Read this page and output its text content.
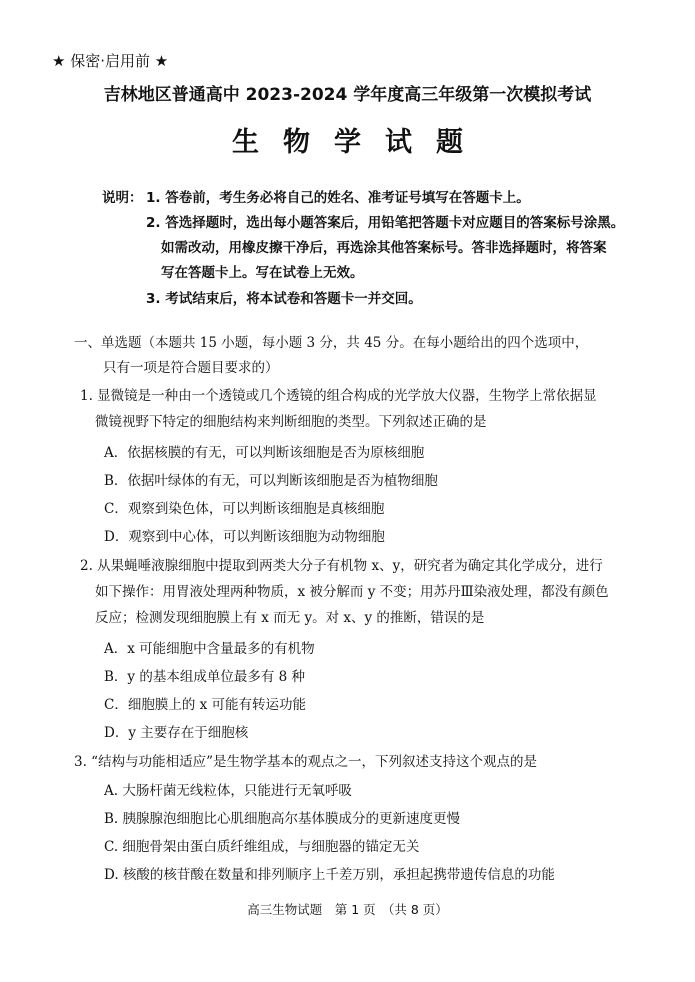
★ 保密·启用前 ★
吉林地区普通高中 2023-2024 学年度高三年级第一次模拟考试
生物学试题
说明： 1. 答卷前，考生务必将自己的姓名、准考证号填写在答题卡上。
2. 答选择题时，选出每小题答案后，用铅笔把答题卡对应题目的答案标号涂黑。
如需改动，用橡皮擦干净后，再选涂其他答案标号。答非选择题时，将答案
写在答题卡上。写在试卷上无效。
3. 考试结束后，将本试卷和答题卡一并交回。
一、单选题（本题共 15 小题，每小题 3 分，共 45 分。在每小题给出的四个选项中，
只有一项是符合题目要求的）
1. 显微镜是一种由一个透镜或几个透镜的组合构成的光学放大仪器，生物学上常依据显
微镜视野下特定的细胞结构来判断细胞的类型。下列叙述正确的是
A．依据核膜的有无，可以判断该细胞是否为原核细胞
B．依据叶绿体的有无，可以判断该细胞是否为植物细胞
C．观察到染色体，可以判断该细胞是真核细胞
D．观察到中心体，可以判断该细胞为动物细胞
2. 从果蝇唾液腺细胞中提取到两类大分子有机物 x、y，研究者为确定其化学成分，进行
如下操作：用胃液处理两种物质，x 被分解而 y 不变；用苏丹Ⅲ染液处理，都没有颜色
反应；检测发现细胞膜上有 x 而无 y。对 x、y 的推断，错误的是
A．x 可能细胞中含量最多的有机物
B．y 的基本组成单位最多有 8 种
C．细胞膜上的 x 可能有转运功能
D．y 主要存在于细胞核
3. “结构与功能相适应”是生物学基本的观点之一，下列叙述支持这个观点的是
A. 大肠杆菌无线粒体，只能进行无氧呼吸
B. 胰腺腺泡细胞比心肌细胞高尔基体膜成分的更新速度更慢
C. 细胞骨架由蛋白质纤维组成，与细胞器的锚定无关
D. 核酸的核苷酸在数量和排列顺序上千差万别，承担起携带遗传信息的功能
高三生物试题　第 1 页　（共 8 页）
